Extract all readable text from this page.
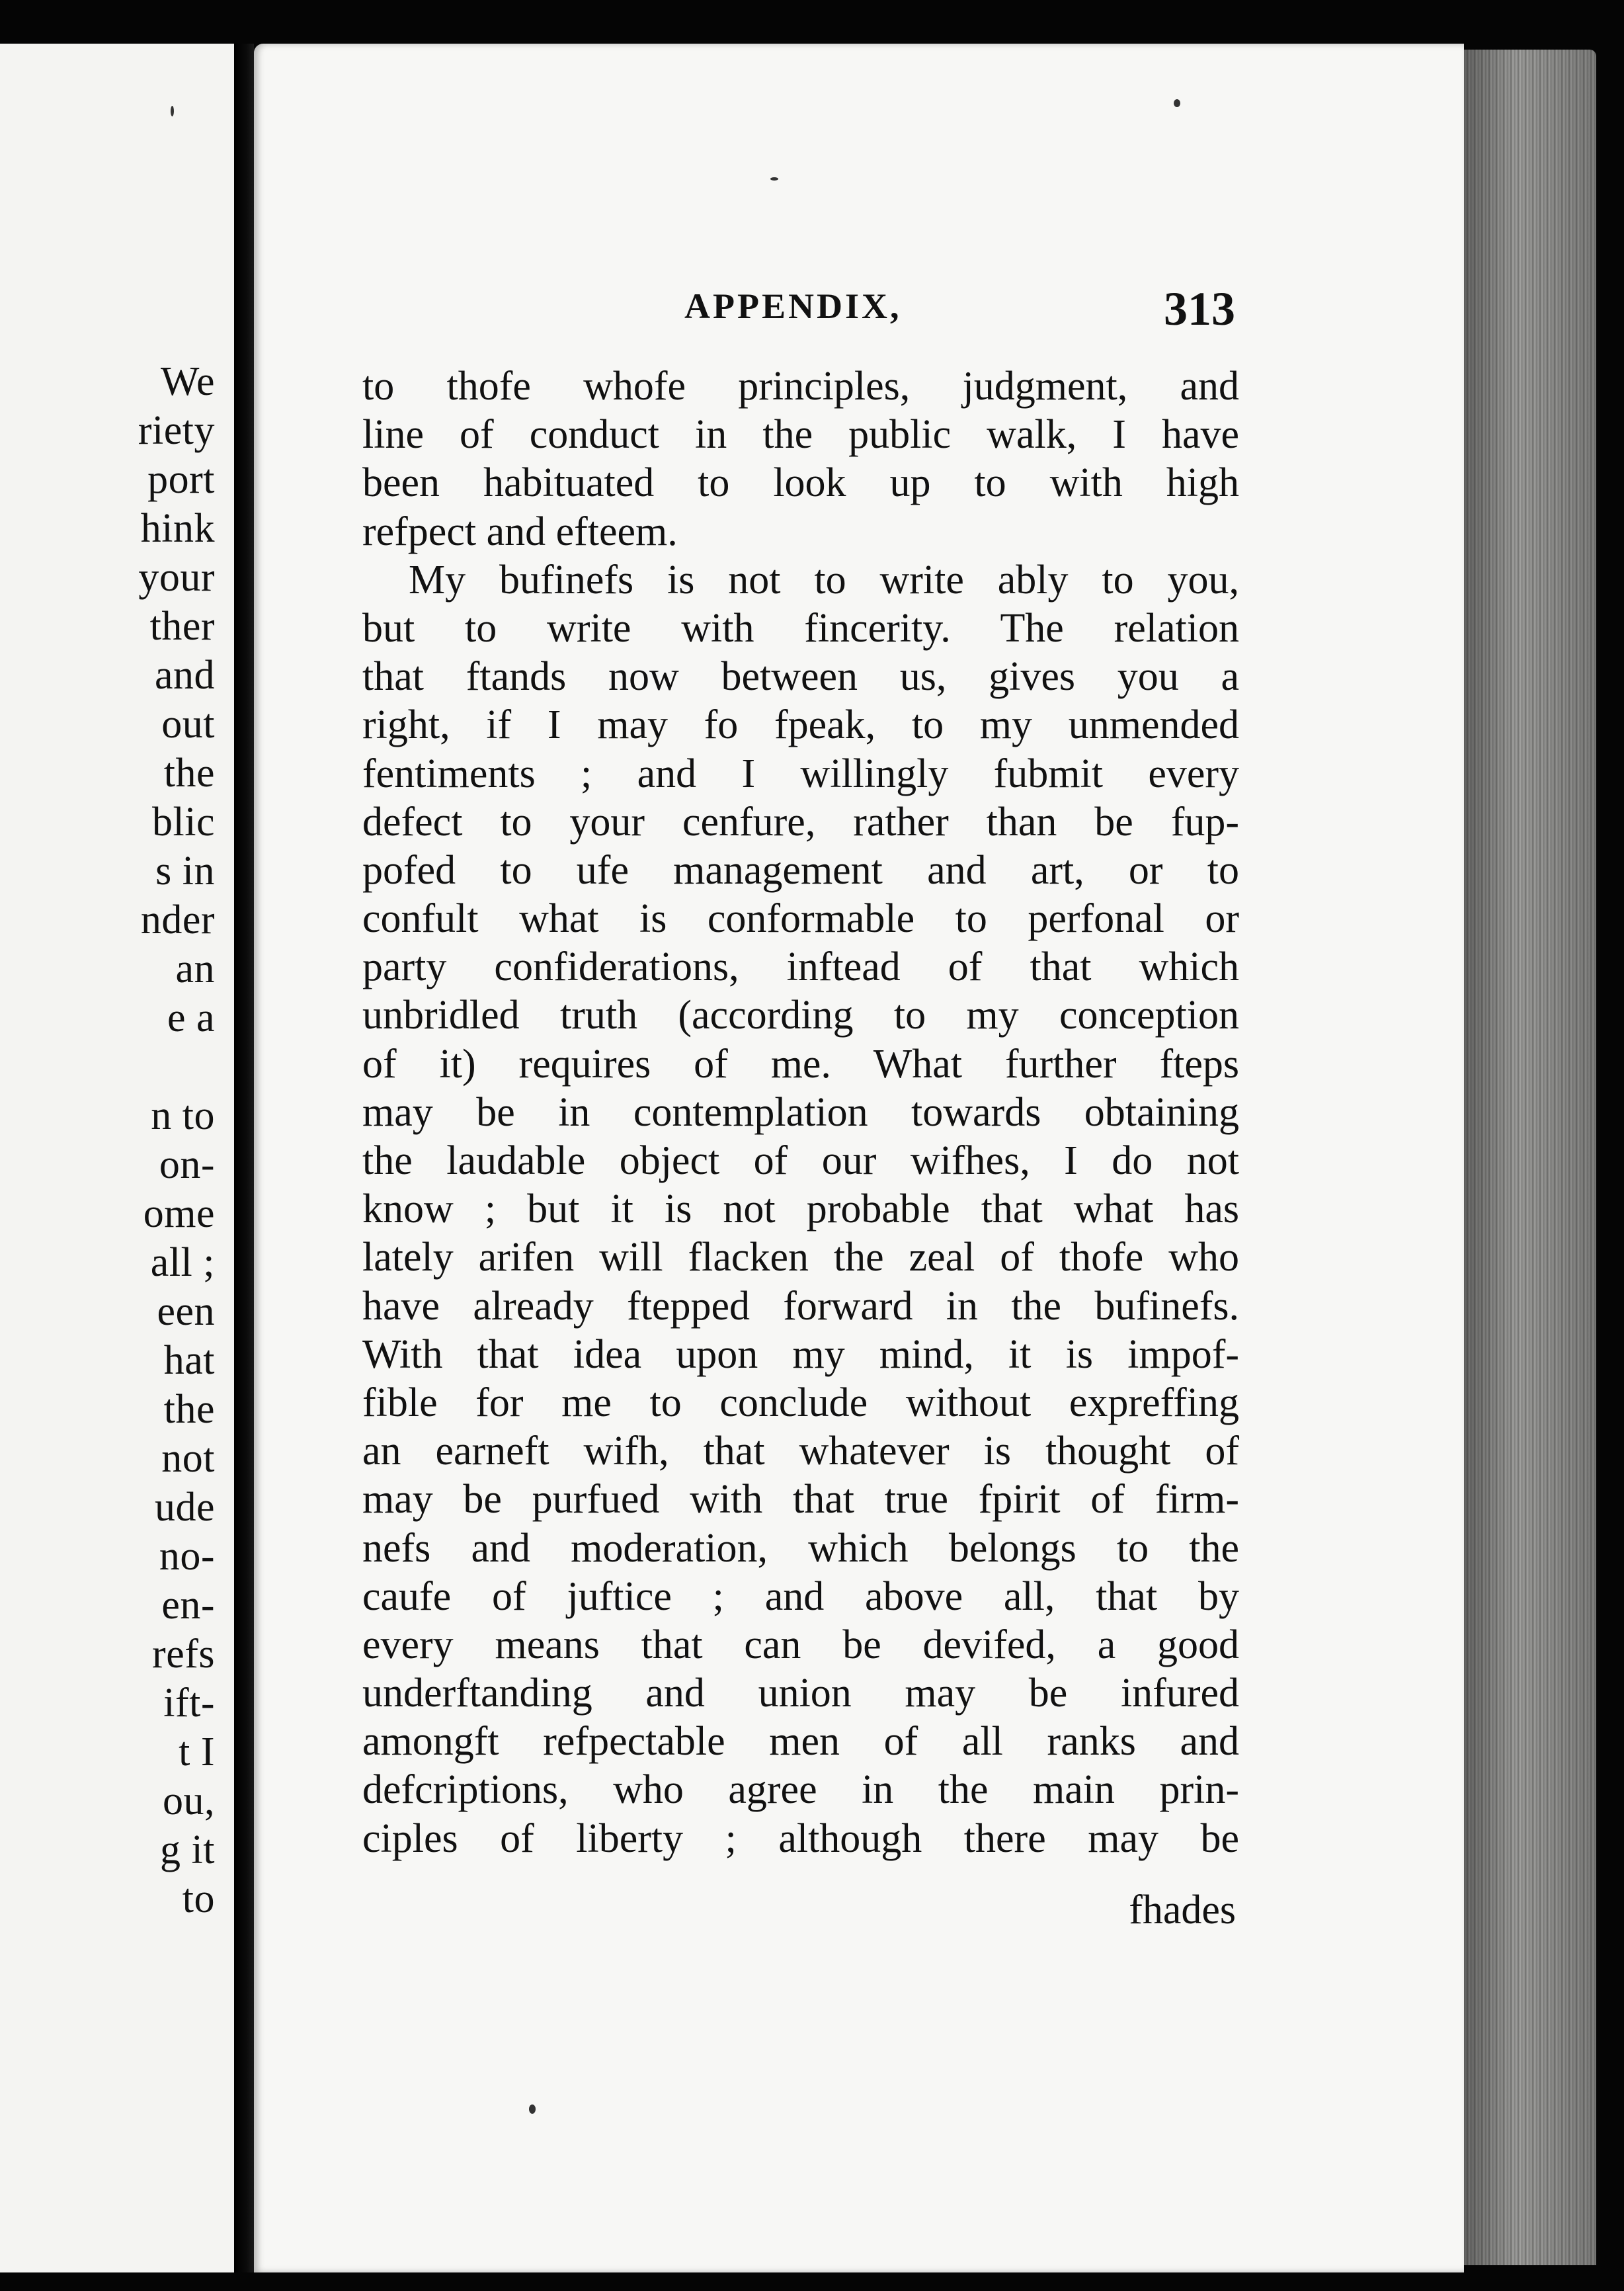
We
riety
port
hink
your
ther
and
out
the
blic
s in
nder
an
e a
n to
on-
ome
all ;
een
hat
the
not
ude
no-
en-
refs
ift-
t I
ou,
g it
to
APPENDIX,	313
to thofe whofe principles, judgment, and
line of conduct in the public walk, I have
been habituated to look up to with high
refpect and efteem.
My bufinefs is not to write ably to you,
but to write with fincerity. The relation
that ftands now between us, gives you a
right, if I may fo fpeak, to my unmended
fentiments ; and I willingly fubmit every
defect to your cenfure, rather than be fup-
pofed to ufe management and art, or to
confult what is conformable to perfonal or
party confiderations, inftead of that which
unbridled truth (according to my conception
of it) requires of me. What further fteps
may be in contemplation towards obtaining
the laudable object of our wifhes, I do not
know ; but it is not probable that what has
lately arifen will flacken the zeal of thofe who
have already ftepped forward in the bufinefs.
With that idea upon my mind, it is impof-
fible for me to conclude without expreffing
an earneft wifh, that whatever is thought of
may be purfued with that true fpirit of firm-
nefs and moderation, which belongs to the
caufe of juftice ; and above all, that by
every means that can be devifed, a good
underftanding and union may be infured
amongft refpectable men of all ranks and
defcriptions, who agree in the main prin-
ciples of liberty ; although there may be
fhades
